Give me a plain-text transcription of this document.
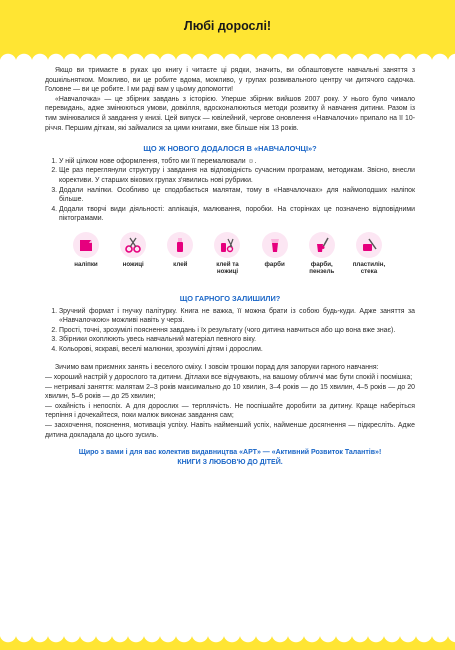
Любі дорослі!

Якщо ви тримаєте в руках цю книгу і читаєте ці рядки, значить, ви облаштовуєте навчальні заняття з дошкільнятком. Можливо, ви це робите вдома, можливо, у групах розвивального центру чи дитячого садочка. Головне — ви це робите. І ми раді вам у цьому допомогти!

«Навчалочка» — це збірник завдань з історією. Уперше збірник вийшов 2007 року. У нього було чимало перевидань, адже змінюються умови, довкілля, вдосконалюються методи розвитку й навчання дитини. Разом із тим змінювалися й завдання у книзі. Цей випуск — ювілейний, чергове оновлення «Навчалочки» припало на її 10-річчя. Першим діткам, які займалися за цими книгами, вже більше ніж 13 років.

ЩО Ж НОВОГО ДОДАЛОСЯ В «НАВЧАЛОЧЦІ»?
1. У ній цілком нове оформлення, тобто ми її перемалювали ☺.
2. Ще раз переглянули структуру і завдання на відповідність сучасним програмам, методикам. Звісно, внесли корективи. У старших вікових групах з'явились нові рубрики.
3. Додали наліпки. Особливо це сподобається малятам, тому в «Навчалочках» для наймолодших наліпок більше.
4. Додали творчі види діяльності: аплікація, малювання, поробки. На сторінках це позначено відповідними піктограмами.
наліпки	ножиці	клей	клей та ножиці
фарби	фарби, пензель
пластилін, стека
ЩО ГАРНОГО ЗАЛИШИЛИ?
1. Зручний формат і гнучку палітурку. Книга не важка, її можна брати із собою будь-куди. Адже заняття за «Навчалочкою» можливі навіть у черзі.
2. Прості, точні, зрозумілі пояснення завдань і їх результату (чого дитина навчиться або що вона вже знає).
3. Збірники охоплюють увесь навчальний матеріал певного віку.
4. Кольорові, яскраві, веселі малюнки, зрозумілі дітям і дорослим.

Зичимо вам приємних занять і веселого сміху. І зовсім трошки порад для запоруки гарного навчання:

— хороший настрій у дорослого та дитини. Дітлахи все відчувають, на вашому обличчі має бути спокій і посмішка;

— нетривалі заняття: малятам 2–3 років максимально до 10 хвилин, 3–4 років — до 15 хвилин, 4–5 років — до 20 хвилин, 5–6 років — до 25 хвилин;

— охайність і непоспіх. А для дорослих — терплячість. Не поспішайте доробити за дитину. Краще наберіться терпіння і дочекайтеся, поки малюк виконає завдання сам;

— заохочення, пояснення, мотивація успіху. Навіть найменший успіх, найменше досягнення — підкресліть. Адже дитина докладала до цього зусиль.

Щиро з вами і для вас колектив видавництва «АРТ» — «Активний Розвиток Талантів»!
КНИГИ З ЛЮБОВ'Ю ДО ДІТЕЙ.
